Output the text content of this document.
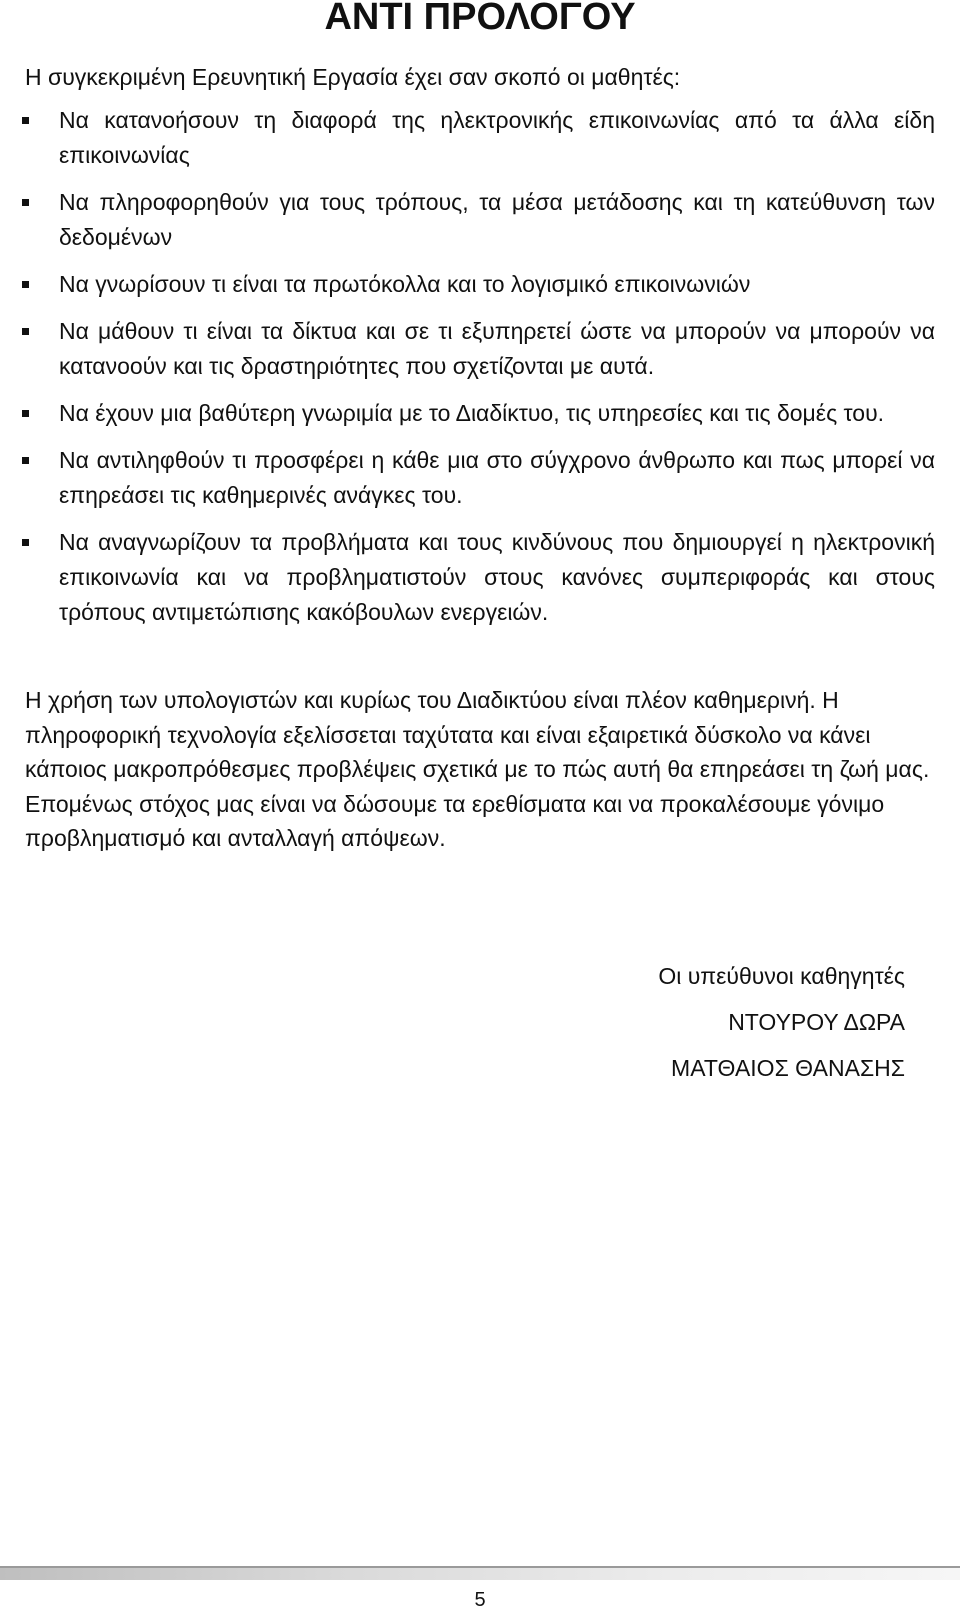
ΑΝΤΙ ΠΡΟΛΟΓΟΥ

Η συγκεκριμένη Ερευνητική Εργασία έχει σαν σκοπό οι μαθητές:

Να κατανοήσουν τη διαφορά της ηλεκτρονικής επικοινωνίας από τα άλλα είδη επικοινωνίας
Να πληροφορηθούν για τους τρόπους, τα μέσα μετάδοσης και τη κατεύθυνση των δεδομένων
Να γνωρίσουν τι είναι τα πρωτόκολλα και το λογισμικό επικοινωνιών
Να μάθουν τι είναι τα δίκτυα και σε τι εξυπηρετεί ώστε να μπορούν να μπορούν να κατανοούν και τις δραστηριότητες που σχετίζονται με αυτά.
Να έχουν μια βαθύτερη γνωριμία με το Διαδίκτυο, τις υπηρεσίες και τις δομές του.
Να αντιληφθούν τι προσφέρει η κάθε μια στο σύγχρονο άνθρωπο και πως μπορεί να επηρεάσει τις καθημερινές ανάγκες του.
Να αναγνωρίζουν τα προβλήματα και τους κινδύνους που δημιουργεί η ηλεκτρονική επικοινωνία και να προβληματιστούν στους κανόνες συμπεριφοράς και στους τρόπους αντιμετώπισης κακόβουλων ενεργειών.

Η χρήση των υπολογιστών και κυρίως του Διαδικτύου είναι πλέον καθημερινή. Η πληροφορική τεχνολογία εξελίσσεται ταχύτατα και είναι εξαιρετικά δύσκολο να κάνει κάποιος μακροπρόθεσμες προβλέψεις σχετικά με το πώς αυτή θα επηρεάσει τη ζωή μας. Επομένως στόχος μας είναι να δώσουμε τα ερεθίσματα και να προκαλέσουμε γόνιμο προβληματισμό και ανταλλαγή απόψεων.

Οι υπεύθυνοι καθηγητές
ΝΤΟΥΡΟΥ ΔΩΡΑ
ΜΑΤΘΑΙΟΣ ΘΑΝΑΣΗΣ
5
